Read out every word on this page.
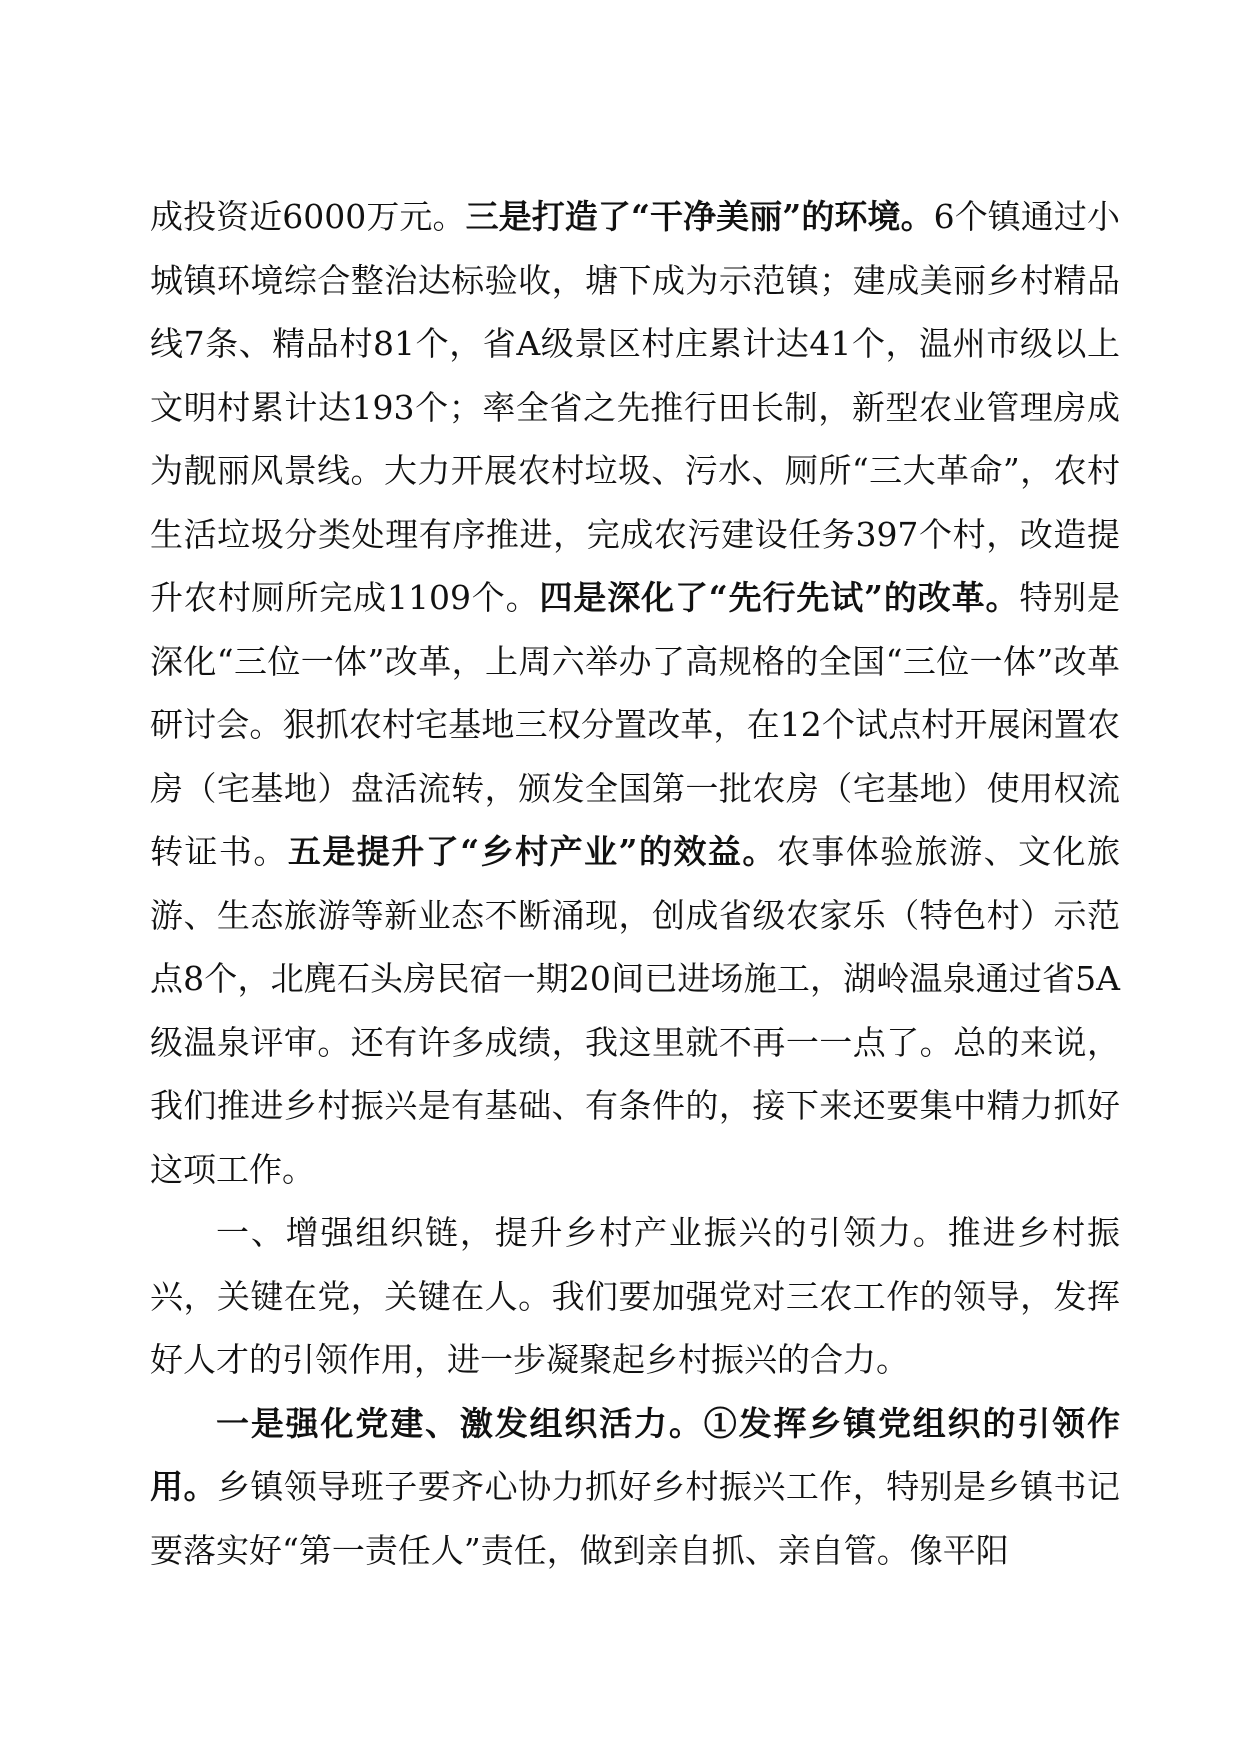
成投资近6000万元。三是打造了“干净美丽”的环境。6个镇通过小城镇环境综合整治达标验收，塘下成为示范镇；建成美丽乡村精品线7条、精品村81个，省A级景区村庄累计达41个，温州市级以上文明村累计达193个；率全省之先推行田长制，新型农业管理房成为靓丽风景线。大力开展农村垃圾、污水、厕所“三大革命”，农村生活垃圾分类处理有序推进，完成农污建设任务397个村，改造提升农村厕所完成1109个。四是深化了“先行先试”的改革。特别是深化“三位一体”改革，上周六举办了高规格的全国“三位一体”改革研讨会。狠抓农村宅基地三权分置改革，在12个试点村开展闲置农房（宅基地）盘活流转，颁发全国第一批农房（宅基地）使用权流转证书。五是提升了“乡村产业”的效益。农事体验旅游、文化旅游、生态旅游等新业态不断涌现，创成省级农家乐（特色村）示范点8个，北麂石头房民宿一期20间已进场施工，湖岭温泉通过省5A级温泉评审。还有许多成绩，我这里就不再一一点了。总的来说，我们推进乡村振兴是有基础、有条件的，接下来还要集中精力抓好这项工作。

一、增强组织链，提升乡村产业振兴的引领力。推进乡村振兴，关键在党，关键在人。我们要加强党对三农工作的领导，发挥好人才的引领作用，进一步凝聚起乡村振兴的合力。

一是强化党建、激发组织活力。①发挥乡镇党组织的引领作用。乡镇领导班子要齐心协力抓好乡村振兴工作，特别是乡镇书记要落实好“第一责任人”责任，做到亲自抓、亲自管。像平阳
